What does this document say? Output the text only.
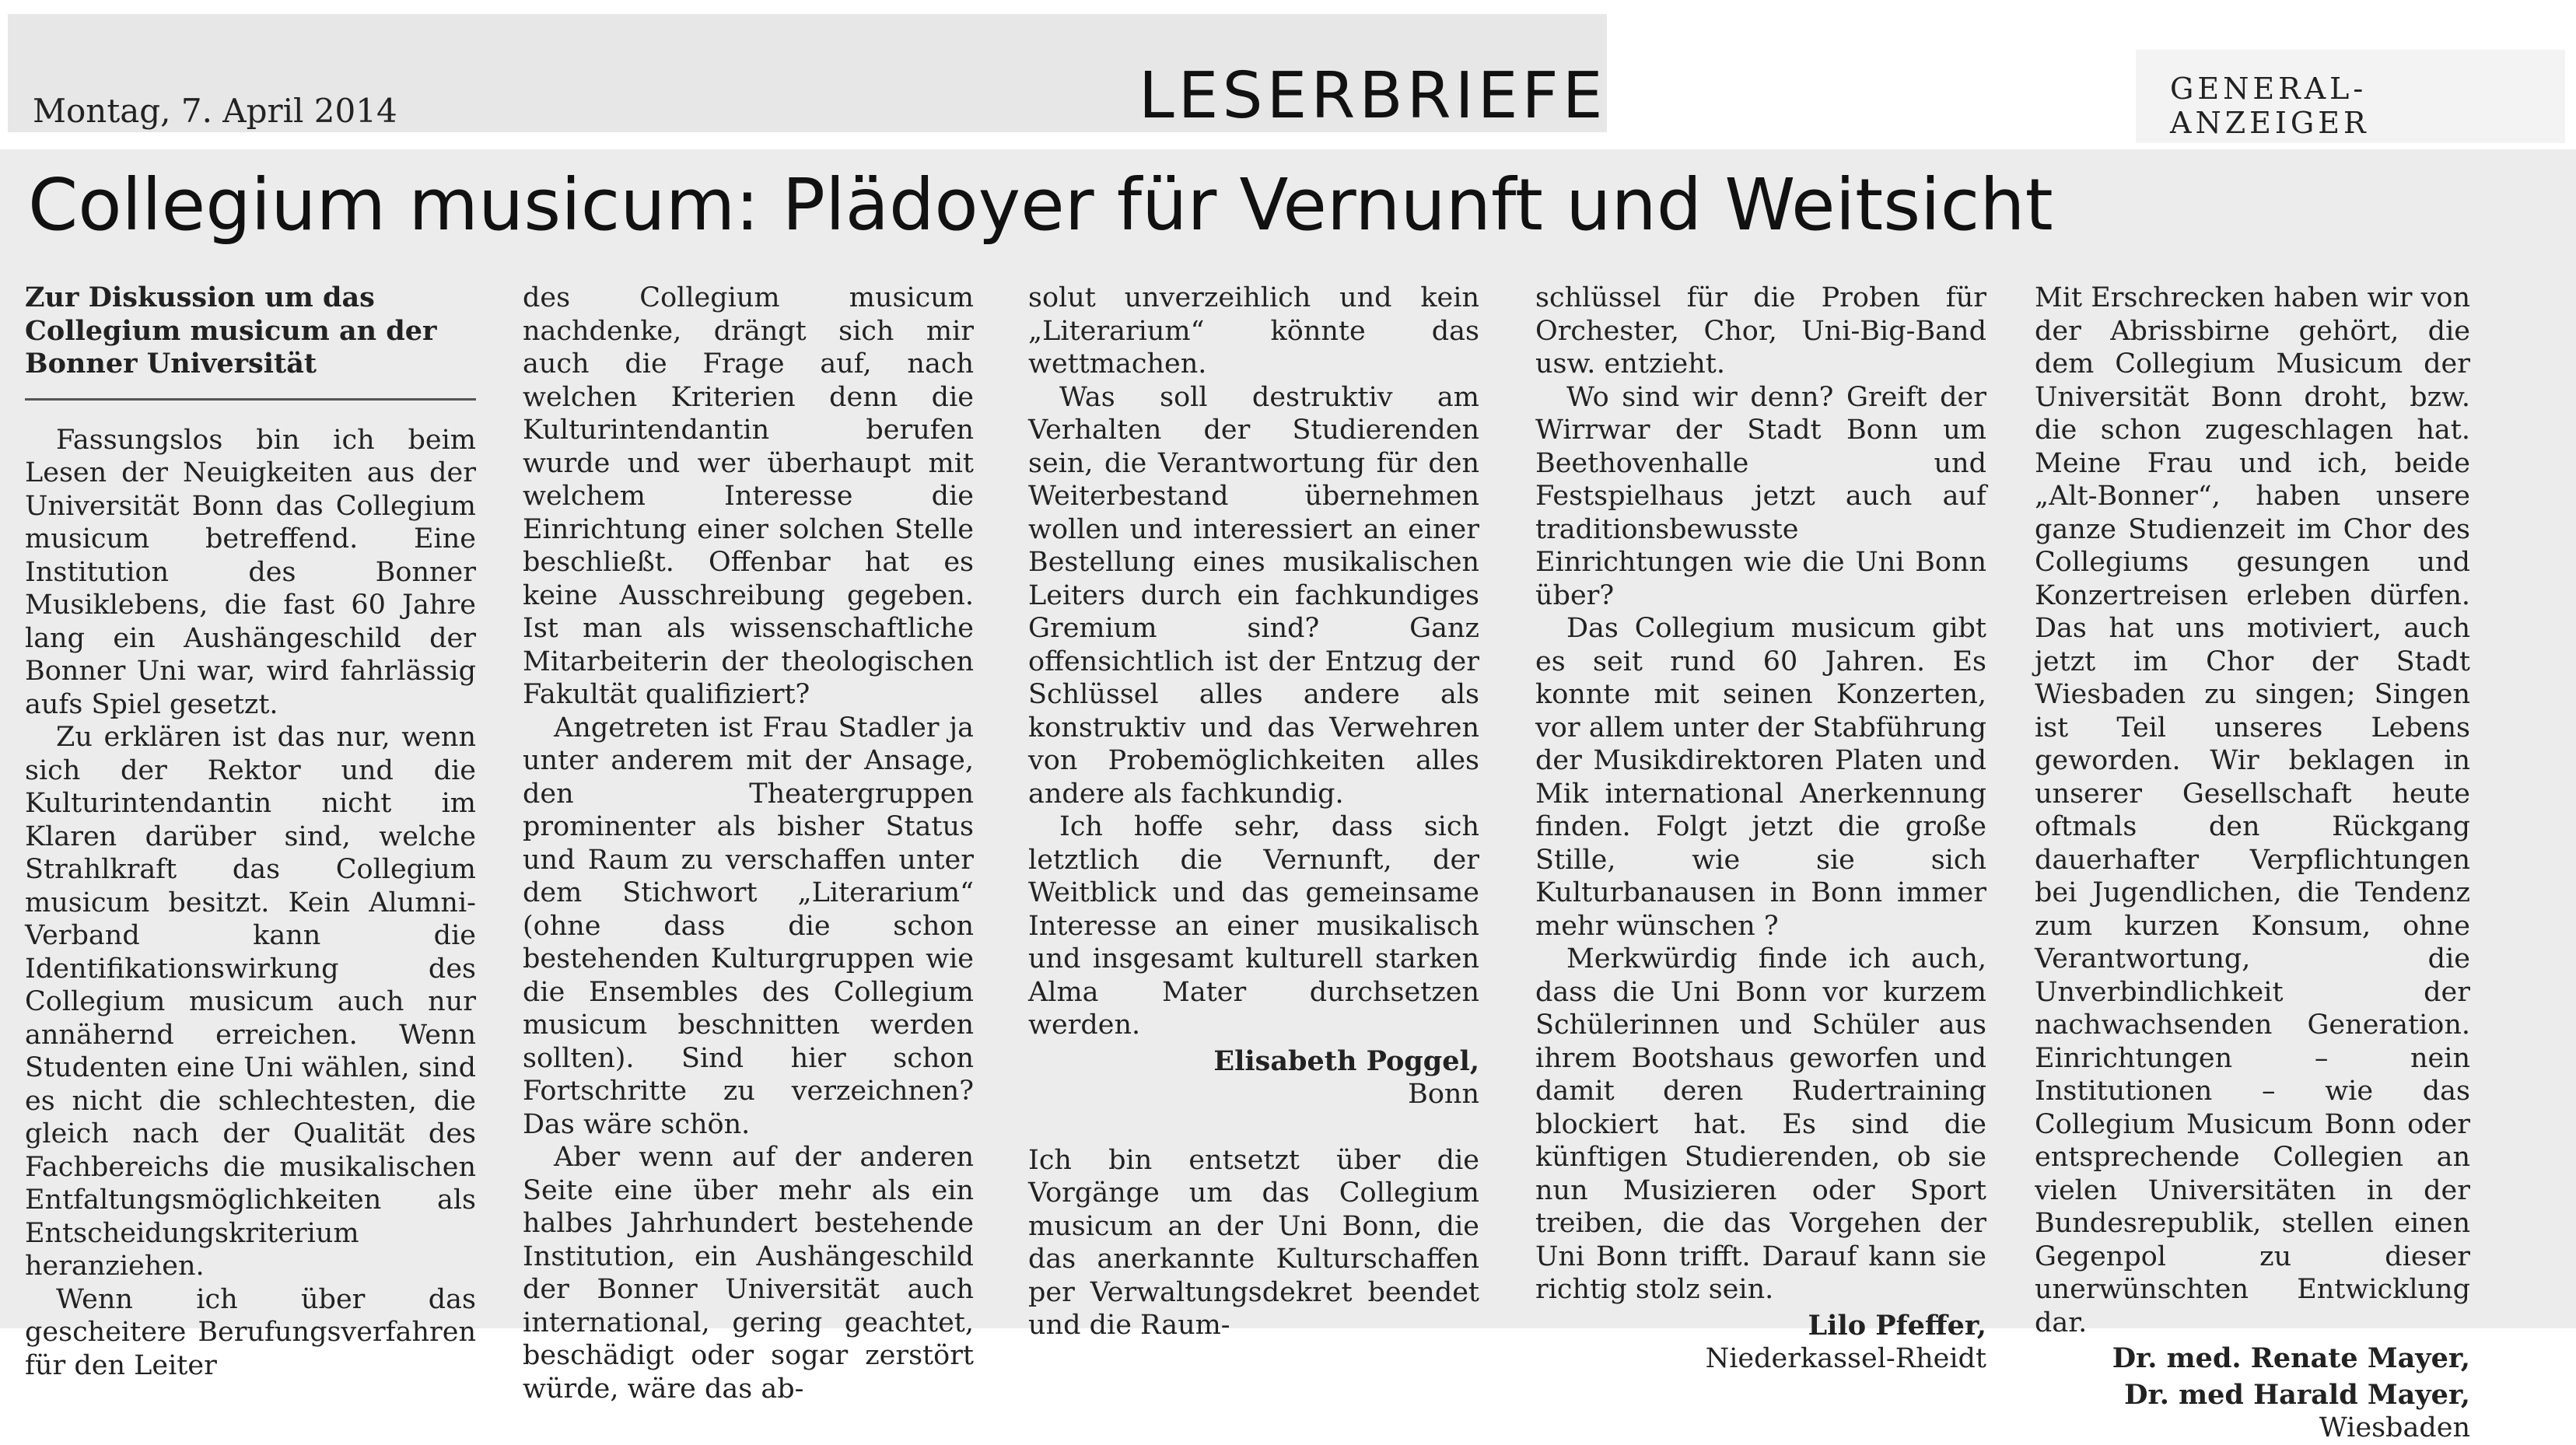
Montag, 7. April 2014	LESERBRIEFE	GENERAL-ANZEIGER
Collegium musicum: Plädoyer für Vernunft und Weitsicht

Zur Diskussion um das Collegium musicum an der Bonner Universität

Fassungslos bin ich beim Lesen der Neuigkeiten aus der Universität Bonn das Collegium musicum betreffend. Eine Institution des Bonner Musiklebens, die fast 60 Jahre lang ein Aushängeschild der Bonner Uni war, wird fahrlässig aufs Spiel gesetzt.

Zu erklären ist das nur, wenn sich der Rektor und die Kulturintendantin nicht im Klaren darüber sind, welche Strahlkraft das Collegium musicum besitzt. Kein Alumni-Verband kann die Identifikationswirkung des Collegium musicum auch nur annähernd erreichen. Wenn Studenten eine Uni wählen, sind es nicht die schlechtesten, die gleich nach der Qualität des Fachbereichs die musikalischen Entfaltungsmöglichkeiten als Entscheidungskriterium heranziehen.

Wenn ich über das gescheitere Berufungsverfahren für den Leiter

des Collegium musicum nachdenke, drängt sich mir auch die Frage auf, nach welchen Kriterien denn die Kulturintendantin berufen wurde und wer überhaupt mit welchem Interesse die Einrichtung einer solchen Stelle beschließt. Offenbar hat es keine Ausschreibung gegeben. Ist man als wissenschaftliche Mitarbeiterin der theologischen Fakultät qualifiziert?

Angetreten ist Frau Stadler ja unter anderem mit der Ansage, den Theatergruppen prominenter als bisher Status und Raum zu verschaffen unter dem Stichwort „Literarium“ (ohne dass die schon bestehenden Kulturgruppen wie die Ensembles des Collegium musicum beschnitten werden sollten). Sind hier schon Fortschritte zu verzeichnen? Das wäre schön.

Aber wenn auf der anderen Seite eine über mehr als ein halbes Jahrhundert bestehende Institution, ein Aushängeschild der Bonner Universität auch international, gering geachtet, beschädigt oder sogar zerstört würde, wäre das ab-

solut unverzeihlich und kein „Literarium“ könnte das wettmachen.

Was soll destruktiv am Verhalten der Studierenden sein, die Verantwortung für den Weiterbestand übernehmen wollen und interessiert an einer Bestellung eines musikalischen Leiters durch ein fachkundiges Gremium sind? Ganz offensichtlich ist der Entzug der Schlüssel alles andere als konstruktiv und das Verwehren von Probemöglichkeiten alles andere als fachkundig.

Ich hoffe sehr, dass sich letztlich die Vernunft, der Weitblick und das gemeinsame Interesse an einer musikalisch und insgesamt kulturell starken Alma Mater durchsetzen werden.

Elisabeth Poggel,

Bonn

Ich bin entsetzt über die Vorgänge um das Collegium musicum an der Uni Bonn, die das anerkannte Kulturschaffen per Verwaltungsdekret beendet und die Raum-

schlüssel für die Proben für Orchester, Chor, Uni-Big-Band usw. entzieht.

Wo sind wir denn? Greift der Wirrwar der Stadt Bonn um Beethovenhalle und Festspielhaus jetzt auch auf traditionsbewusste Einrichtungen wie die Uni Bonn über?

Das Collegium musicum gibt es seit rund 60 Jahren. Es konnte mit seinen Konzerten, vor allem unter der Stabführung der Musikdirektoren Platen und Mik international Anerkennung finden. Folgt jetzt die große Stille, wie sie sich Kulturbanausen in Bonn immer mehr wünschen ?

Merkwürdig finde ich auch, dass die Uni Bonn vor kurzem Schülerinnen und Schüler aus ihrem Bootshaus geworfen und damit deren Rudertraining blockiert hat. Es sind die künftigen Studierenden, ob sie nun Musizieren oder Sport treiben, die das Vorgehen der Uni Bonn trifft. Darauf kann sie richtig stolz sein.

Lilo Pfeffer,

Niederkassel-Rheidt

Mit Erschrecken haben wir von der Abrissbirne gehört, die dem Collegium Musicum der Universität Bonn droht, bzw. die schon zugeschlagen hat. Meine Frau und ich, beide „Alt-Bonner“, haben unsere ganze Studienzeit im Chor des Collegiums gesungen und Konzertreisen erleben dürfen. Das hat uns motiviert, auch jetzt im Chor der Stadt Wiesbaden zu singen; Singen ist Teil unseres Lebens geworden. Wir beklagen in unserer Gesellschaft heute oftmals den Rückgang dauerhafter Verpflichtungen bei Jugendlichen, die Tendenz zum kurzen Konsum, ohne Verantwortung, die Unverbindlichkeit der nachwachsenden Generation. Einrichtungen – nein Institutionen – wie das Collegium Musicum Bonn oder entsprechende Collegien an vielen Universitäten in der Bundesrepublik, stellen einen Gegenpol zu dieser unerwünschten Entwicklung dar.

Dr. med. Renate Mayer,

Dr. med Harald Mayer,

Wiesbaden
